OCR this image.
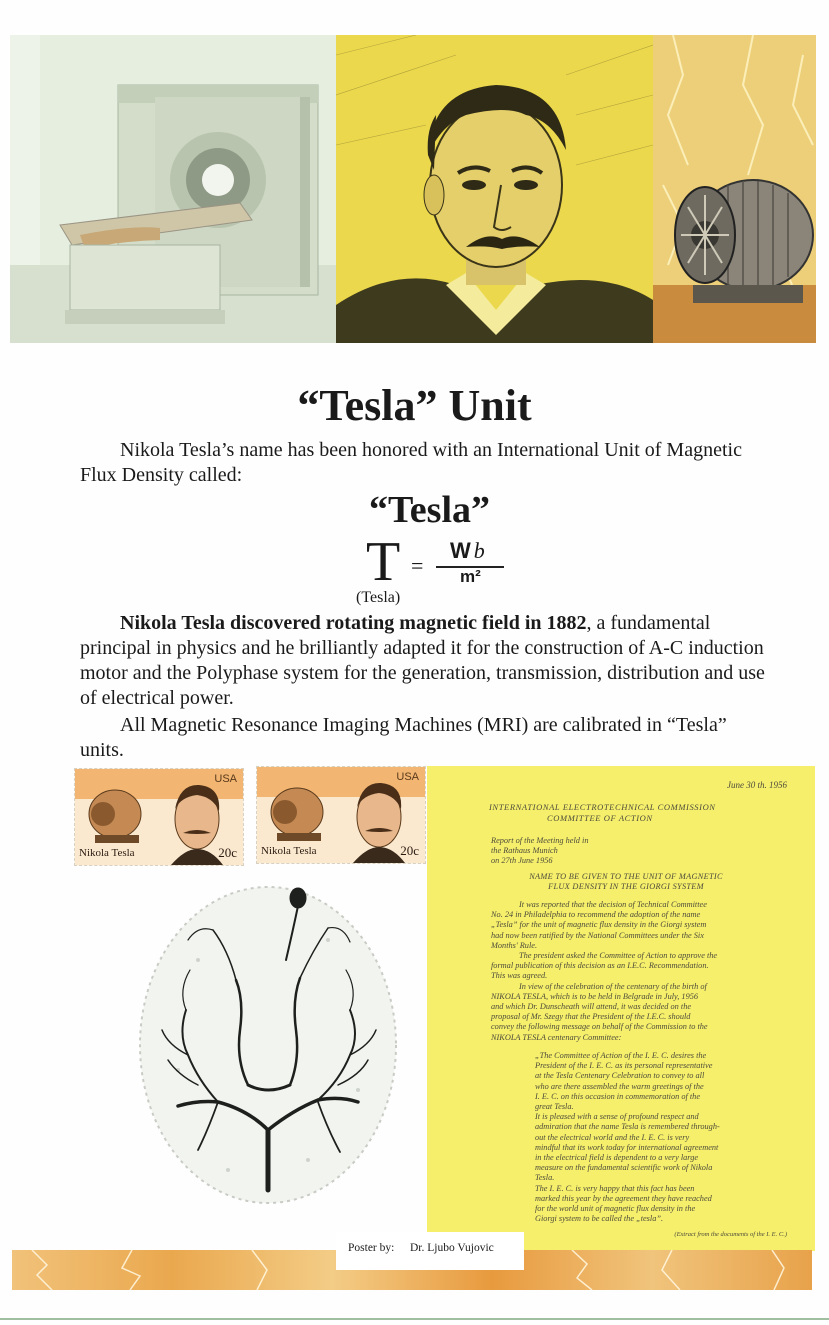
“Tesla” Unit
Nikola Tesla’s name has been honored with an International Unit of Magnetic Flux Density called:
“Tesla”
T =
W b
m²
(Tesla)
Nikola Tesla discovered rotating magnetic field in 1882, a fundamental principal in physics and he brilliantly adapted it for the construction of A-C induction motor and the Polyphase system for the generation, transmission, distribution and use of electrical power.
All Magnetic Resonance Imaging Machines (MRI) are calibrated in “Tesla” units.
USA
Nikola Tesla	20c
USA
Nikola Tesla	20c
June 30 th. 1956
INTERNATIONAL ELECTROTECHNICAL COMMISSION
COMMITTEE OF ACTION
Report of the Meeting held in
the Rathaus Munich
on 27th June 1956
NAME TO BE GIVEN TO THE UNIT OF MAGNETIC
FLUX DENSITY IN THE GIORGI SYSTEM
It was reported that the decision of Technical Committee
No. 24 in Philadelphia to recommend the adoption of the name
„Tesla” for the unit of magnetic flux density in the Giorgi system
had now been ratified by the National Committees under the Six
Months' Rule.
The president asked the Committee of Action to approve the
formal publication of this decision as an I.E.C. Recommendation.
This was agreed.
In view of the celebration of the centenary of the birth of
NIKOLA TESLA, which is to be held in Belgrade in July, 1956
and which Dr. Dunscheath will attend, it was decided on the
proposal of Mr. Szegy that the President of the I.E.C. should
convey the following message on behalf of the Commission to the
NIKOLA TESLA centenary Committee:
„The Committee of Action of the I. E. C. desires the
President of the I. E. C. as its personal representative
at the Tesla Centenary Celebration to convey to all
who are there assembled the warm greetings of the
I. E. C. on this occasion in commemoration of the
great Tesla.
It is pleased with a sense of profound respect and
admiration that the name Tesla is remembered through-
out the electrical world and the I. E. C. is very
mindful that its work today for international agreement
in the electrical field is dependent to a very large
measure on the fundamental scientific work of Nikola
Tesla.
The I. E. C. is very happy that this fact has been
marked this year by the agreement they have reached
for the world unit of magnetic flux density in the
Giorgi system to be called the „tesla”.
(Extract from the documents of the I. E. C.)
Poster by: Dr. Ljubo Vujovic
